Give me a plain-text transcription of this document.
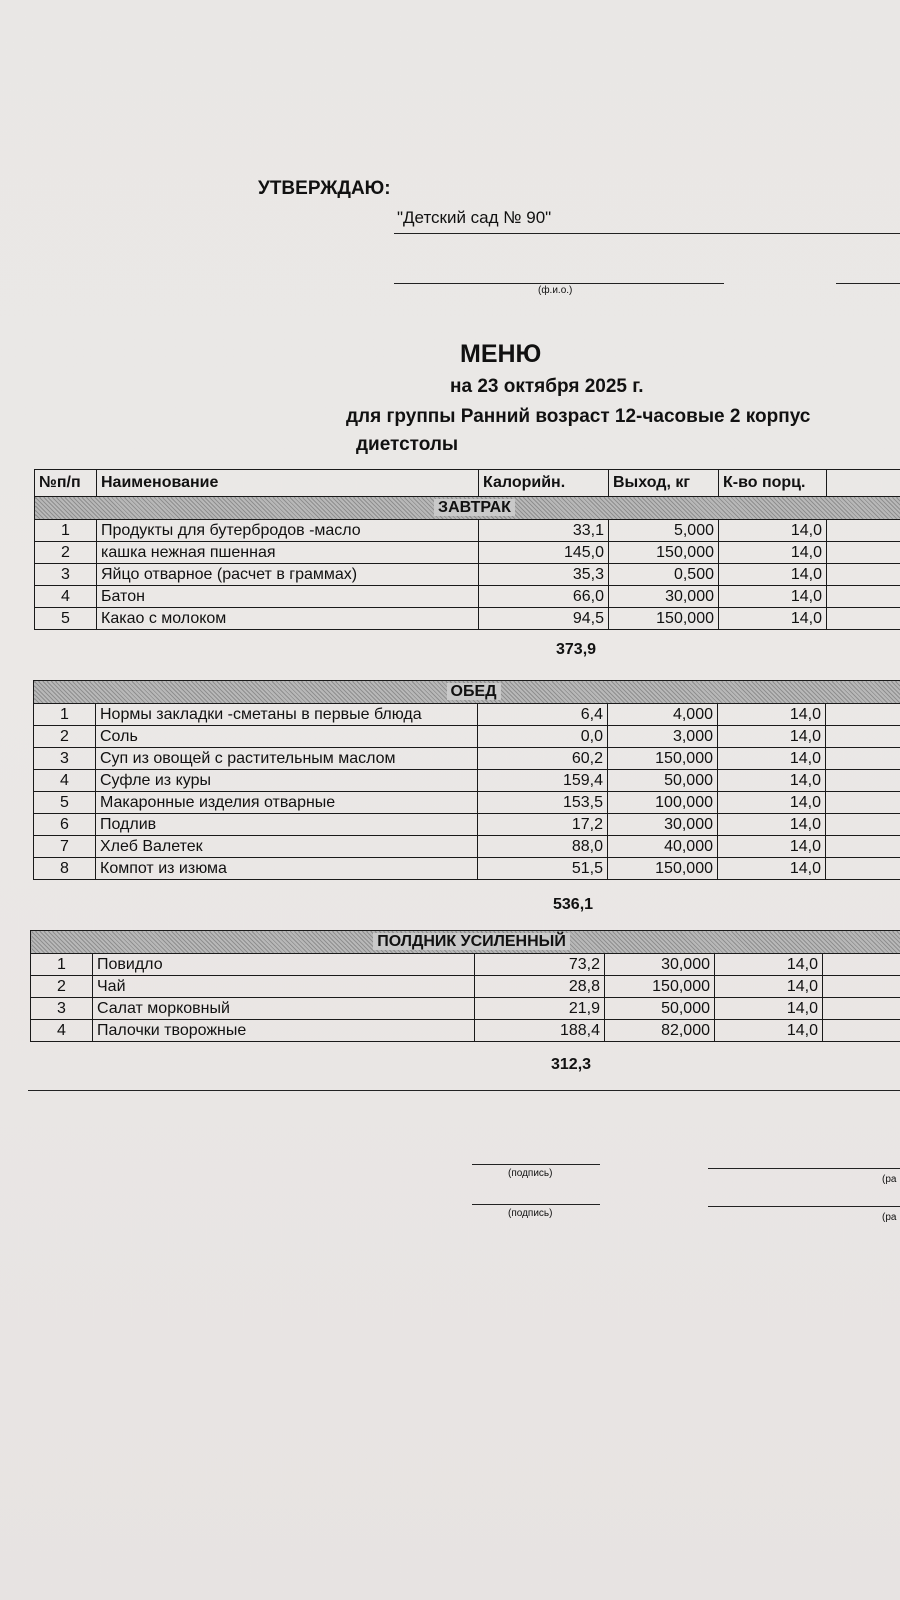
УТВЕРЖДАЮ:
"Детский сад № 90"
(ф.и.о.)
МЕНЮ
на 23 октября 2025 г.
для группы Ранний возраст 12-часовые 2 корпус
диетстолы
№п/п	Наименование	Калорийн.	Выход, кг	К-во порц.	
ЗАВТРАК					
1	Продукты для бутербродов -масло	33,1	5,000	14,0	
2	кашка нежная пшенная	145,0	150,000	14,0	
3	Яйцо отварное (расчет в граммах)	35,3	0,500	14,0	
4	Батон	66,0	30,000	14,0	
5	Какао с молоком	94,5	150,000	14,0	
373,9
ОБЕД					
1	Нормы закладки -сметаны в первые блюда	6,4	4,000	14,0	
2	Соль	0,0	3,000	14,0	
3	Суп из овощей с растительным маслом	60,2	150,000	14,0	
4	Суфле из куры	159,4	50,000	14,0	
5	Макаронные изделия отварные	153,5	100,000	14,0	
6	Подлив	17,2	30,000	14,0	
7	Хлеб Валетек	88,0	40,000	14,0	
8	Компот из изюма	51,5	150,000	14,0	
536,1
ПОЛДНИК УСИЛЕННЫЙ					
1	Повидло	73,2	30,000	14,0	
2	Чай	28,8	150,000	14,0	
3	Салат морковный	21,9	50,000	14,0	
4	Палочки творожные	188,4	82,000	14,0	
312,3
(подпись)
(ра
(подпись)	(ра
